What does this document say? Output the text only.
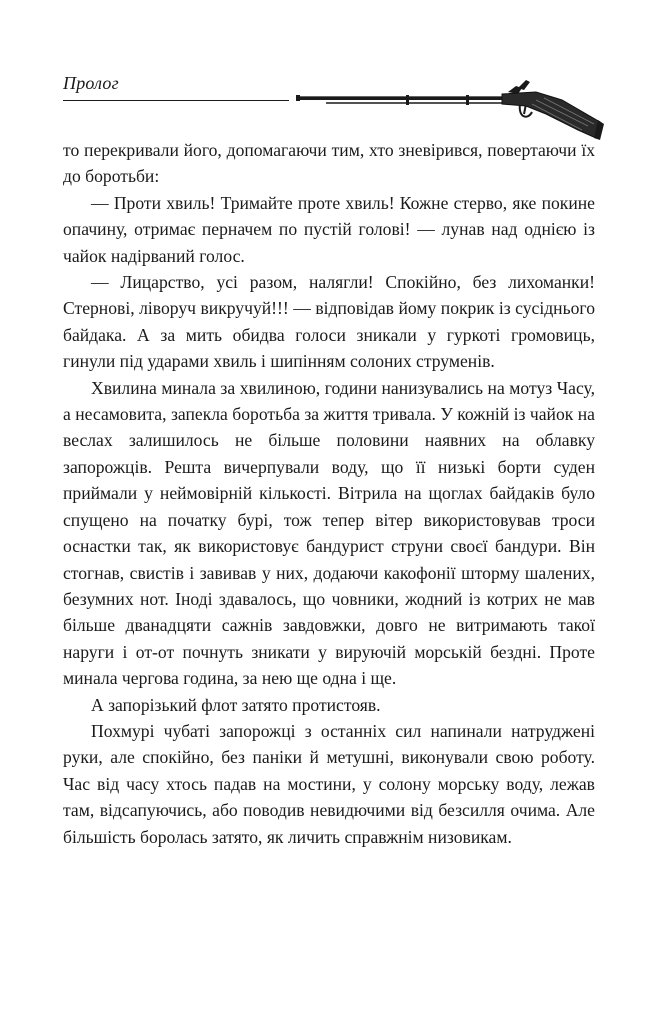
Пролог

то перекривали його, допомагаючи тим, хто зневірився, повертаючи їх до боротьби:

— Проти хвиль! Тримайте проте хвиль! Кожне стерво, яке покине опачину, отримає перначем по пустій голові! — лунав над однією із чайок надірваний голос.

— Лицарство, усі разом, налягли! Спокійно, без лихоманки! Стернові, ліворуч викручуй!!! — відповідав йому покрик із сусіднього байдака. А за мить обидва голоси зникали у гуркоті громовиць, гинули під ударами хвиль і шипінням солоних струменів.

Хвилина минала за хвилиною, години нанизувались на мотуз Часу, а несамовита, запекла боротьба за життя тривала. У кожній із чайок на веслах залишилось не більше половини наявних на облавку запорожців. Решта вичерпували воду, що її низькі борти суден приймали у неймовірній кількості. Вітрила на щоглах байдаків було спущено на початку бурі, тож тепер вітер використовував троси оснастки так, як використовує бандурист струни своєї бандури. Він стогнав, свистів і завивав у них, додаючи какофонії шторму шалених, безумних нот. Іноді здавалось, що човники, жодний із котрих не мав більше дванадцяти сажнів завдовжки, довго не витримають такої наруги і от-от почнуть зникати у вируючій морській бездні. Проте минала чергова година, за нею ще одна і ще.

А запорізький флот затято протистояв.

Похмурі чубаті запорожці з останніх сил напинали натруджені руки, але спокійно, без паніки й метушні, виконували свою роботу. Час від часу хтось падав на мостини, у солону морську воду, лежав там, відсапуючись, або поводив невидючими від безсилля очима. Але більшість боролась затято, як личить справжнім низовикам.
